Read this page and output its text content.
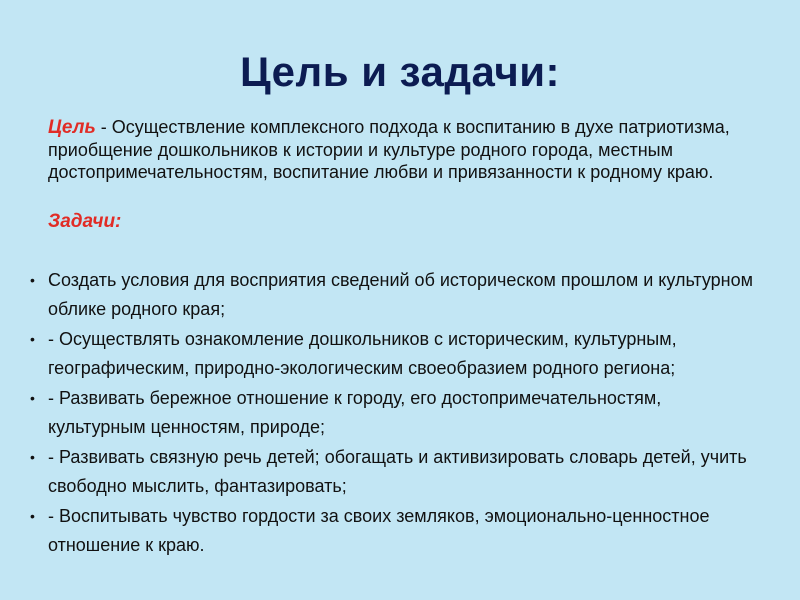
Цель и задачи:
Цель - Осуществление комплексного подхода к воспитанию в духе патриотизма, приобщение дошкольников к истории и культуре родного города, местным достопримечательностям, воспитание любви и привязанности к родному краю.
Задачи:
• Создать условия для восприятия сведений об историческом прошлом и культурном облике родного края;
• - Осуществлять ознакомление дошкольников с историческим, культурным, географическим, природно-экологическим своеобразием родного региона;
• - Развивать бережное отношение к городу, его достопримечательностям, культурным ценностям, природе;
• - Развивать связную речь детей; обогащать и активизировать словарь детей, учить свободно мыслить, фантазировать;
• - Воспитывать чувство гордости за своих земляков, эмоционально-ценностное отношение к краю.
